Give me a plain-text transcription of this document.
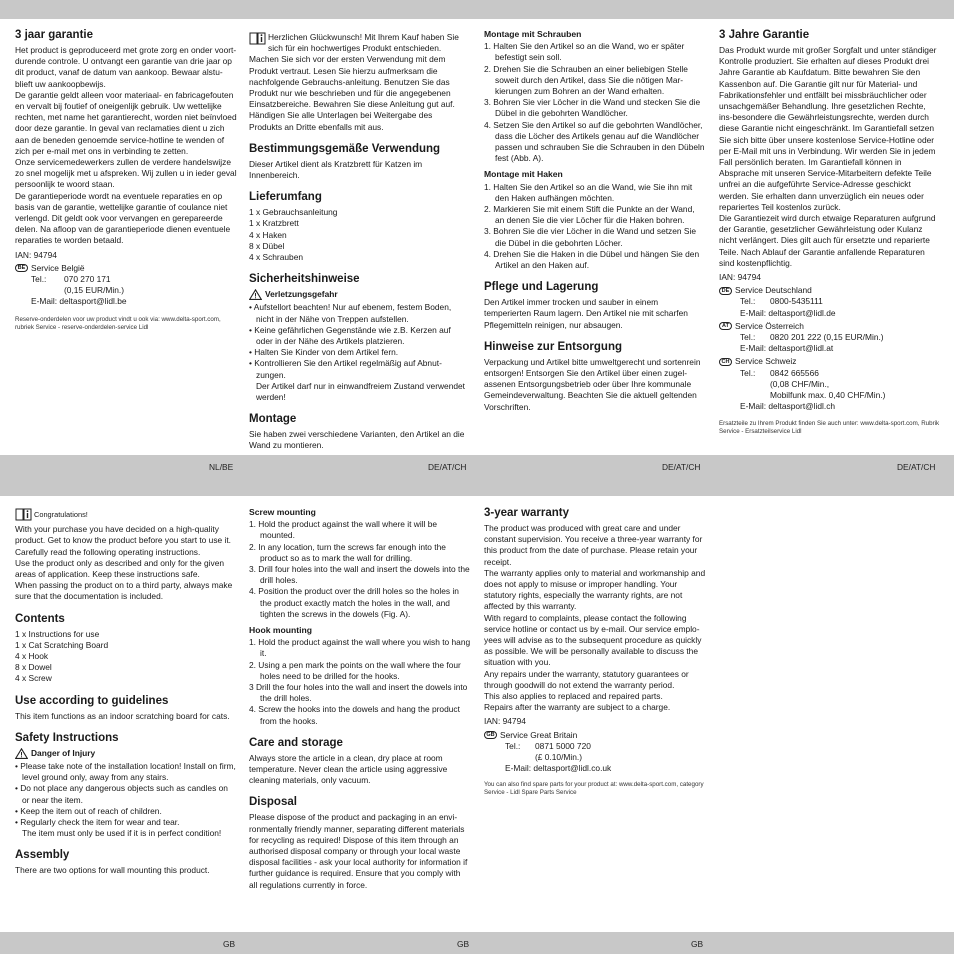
NL/BE	DE/AT/CH	DE/AT/CH	DE/AT/CH
GB	GB	GB
3 jaar garantie

Het product is geproduceerd met grote zorg en onder voort-durende controle. U ontvangt een garantie van drie jaar op dit product, vanaf de datum van aankoop. Bewaar alstu-blieft uw aankoopbewijs.
De garantie geldt alleen voor materiaal- en fabricagefouten en vervalt bij foutief of oneigenlijk gebruik. Uw wettelijke rechten, met name het garantierecht, worden niet beïnvloed door deze garantie. In geval van reclamaties dient u zich aan de beneden genoemde service-hotline te wenden of zich per e-mail met ons in verbinding te zetten.
Onze servicemedewerkers zullen de verdere handelswijze zo snel mogelijk met u afspreken. Wij zullen u in ieder geval persoonlijk te woord staan.
De garantieperiode wordt na eventuele reparaties en op basis van de garantie, wettelijke garantie of coulance niet verlengd. Dit geldt ook voor vervangen en gerepareerde delen. Na afloop van de garantieperiode dienen eventuele reparaties te worden betaald.

IAN: 94794

BE Service België
Tel.:	070 270 171
(0,15 EUR/Min.)
E-Mail: deltasport@lidl.be

Reserve-onderdelen voor uw product vindt u ook via: www.delta-sport.com, rubriek Service - reserve-onderdelen-service Lidl

Herzlichen Glückwunsch! Mit Ihrem Kauf haben Sie sich für ein hochwertiges Produkt entschieden. Machen Sie sich vor der ersten Verwendung mit dem Produkt vertraut. Lesen Sie hierzu aufmerksam die nachfolgende Gebrauchs-anleitung. Benutzen Sie das Produkt nur wie beschrieben und für die angegebenen Einsatzbereiche. Bewahren Sie diese Anleitung gut auf. Händigen Sie alle Unterlagen bei Weitergabe des Produkts an Dritte ebenfalls mit aus.

Bestimmungsgemäße Verwendung

Dieser Artikel dient als Kratzbrett für Katzen im Innenbereich.

Lieferumfang
1 x Gebrauchsanleitung
1 x Kratzbrett
4 x Haken
8 x Dübel
4 x Schrauben
Sicherheitshinweise
Verletzungsgefahr
• Aufstellort beachten! Nur auf ebenem, festem Boden, nicht in der Nähe von Treppen aufstellen.
• Keine gefährlichen Gegenstände wie z.B. Kerzen auf oder in der Nähe des Artikels platzieren.
• Halten Sie Kinder von dem Artikel fern.
• Kontrollieren Sie den Artikel regelmäßig auf Abnut-zungen.

Der Artikel darf nur in einwandfreiem Zustand verwendet werden!

Montage

Sie haben zwei verschiedene Varianten, den Artikel an die Wand zu montieren.

Montage mit Schrauben
1. Halten Sie den Artikel so an die Wand, wo er später befestigt sein soll.
2. Drehen Sie die Schrauben an einer beliebigen Stelle soweit durch den Artikel, dass Sie die nötigen Mar-kierungen zum Bohren an der Wand erhalten.
3. Bohren Sie vier Löcher in die Wand und stecken Sie die Dübel in die gebohrten Wandlöcher.
4. Setzen Sie den Artikel so auf die gebohrten Wandlöcher, dass die Löcher des Artikels genau auf die Wandlöcher passen und schrauben Sie die Schrauben in den Dübeln fest (Abb. A).
Montage mit Haken
1. Halten Sie den Artikel so an die Wand, wie Sie ihn mit den Haken aufhängen möchten.
2. Markieren Sie mit einem Stift die Punkte an der Wand, an denen Sie die vier Löcher für die Haken bohren.
3. Bohren Sie die vier Löcher in die Wand und setzen Sie die Dübel in die gebohrten Löcher.
4. Drehen Sie die Haken in die Dübel und hängen Sie den Artikel an den Haken auf.
Pflege und Lagerung

Den Artikel immer trocken und sauber in einem temperierten Raum lagern. Den Artikel nie mit scharfen Pflegemitteln reinigen, nur absaugen.

Hinweise zur Entsorgung

Verpackung und Artikel bitte umweltgerecht und sortenrein entsorgen! Entsorgen Sie den Artikel über einen zugel-assenen Entsorgungsbetrieb oder über Ihre kommunale Gemeindeverwaltung. Beachten Sie die aktuell geltenden Vorschriften.

3 Jahre Garantie

Das Produkt wurde mit großer Sorgfalt und unter ständiger Kontrolle produziert. Sie erhalten auf dieses Produkt drei Jahre Garantie ab Kaufdatum. Bitte bewahren Sie den Kassenbon auf. Die Garantie gilt nur für Material- und Fabrikationsfehler und entfällt bei missbräuchlicher oder unsachgemäßer Behandlung. Ihre gesetzlichen Rechte, ins-besondere die Gewährleistungsrechte, werden durch diese Garantie nicht eingeschränkt. Im Garantiefall setzen Sie sich bitte über unsere kostenlose Service-Hotline oder per E-Mail mit uns in Verbindung. Wir werden Sie in jedem Fall persönlich beraten. Im Garantiefall können in Absprache mit unseren Service-Mitarbeitern defekte Teile unfrei an die aufgeführte Service-Adresse geschickt werden. Sie erhalten dann unverzüglich ein neues oder repariertes Teil kostenlos zurück.
Die Garantiezeit wird durch etwaige Reparaturen aufgrund der Garantie, gesetzlicher Gewährleistung oder Kulanz nicht verlängert. Dies gilt auch für ersetzte und reparierte Teile. Nach Ablauf der Garantie anfallende Reparaturen sind kostenpflichtig.

IAN: 94794

DE Service Deutschland
Tel.:	0800-5435111
E-Mail: deltasport@lidl.de
AT Service Österreich
Tel.:	0820 201 222 (0,15 EUR/Min.)
E-Mail: deltasport@lidl.at
CH Service Schweiz
Tel.:	0842 665566
(0,08 CHF/Min.,
Mobilfunk max. 0,40 CHF/Min.)
E-Mail: deltasport@lidl.ch

Ersatzteile zu Ihrem Produkt finden Sie auch unter: www.delta-sport.com, Rubrik Service - Ersatzteilservice Lidl

Congratulations!

With your purchase you have decided on a high-quality product. Get to know the product before you start to use it. Carefully read the following operating instructions.
Use the product only as described and only for the given areas of application. Keep these instructions safe.
When passing the product on to a third party, always make sure that the documentation is included.

Contents
1 x Instructions for use
1 x Cat Scratching Board
4 x Hook
8 x Dowel
4 x Screw
Use according to guidelines

This item functions as an indoor scratching board for cats.

Safety Instructions
Danger of Injury
• Please take note of the installation location! Install on firm, level ground only, away from any stairs.
• Do not place any dangerous objects such as candles on or near the item.
• Keep the item out of reach of children.
• Regularly check the item for wear and tear.

The item must only be used if it is in perfect condition!

Assembly

There are two options for wall mounting this product.

Screw mounting
1. Hold the product against the wall where it will be mounted.
2. In any location, turn the screws far enough into the product so as to mark the wall for drilling.
3. Drill four holes into the wall and insert the dowels into the drill holes.
4. Position the product over the drill holes so the holes in the product exactly match the holes in the wall, and tighten the screws in the dowels (Fig. A).
Hook mounting
1. Hold the product against the wall where you wish to hang it.
2. Using a pen mark the points on the wall where the four holes need to be drilled for the hooks.
3 Drill the four holes into the wall and insert the dowels into the drill holes.
4. Screw the hooks into the dowels and hang the product from the hooks.
Care and storage

Always store the article in a clean, dry place at room temperature. Never clean the article using aggressive cleaning materials, only vacuum.

Disposal

Please dispose of the product and packaging in an envi-ronmentally friendly manner, separating different materials for recycling as required! Dispose of this item through an authorised disposal company or through your local waste disposal facilities - ask your local authority for information if further guidance is required. Ensure that you comply with all regulations currently in force.

3-year warranty

The product was produced with great care and under constant supervision. You receive a three-year warranty for this product from the date of purchase. Please retain your receipt.
The warranty applies only to material and workmanship and does not apply to misuse or improper handling. Your statutory rights, especially the warranty rights, are not affected by this warranty.
With regard to complaints, please contact the following service hotline or contact us by e-mail. Our service emplo-yees will advise as to the subsequent procedure as quickly as possible. We will be personally available to discuss the situation with you.
Any repairs under the warranty, statutory guarantees or through goodwill do not extend the warranty period.
This also applies to replaced and repaired parts.
Repairs after the warranty are subject to a charge.

IAN: 94794

GB Service Great Britain
Tel.:	0871 5000 720
(£ 0.10/Min.)
E-Mail: deltasport@lidl.co.uk

You can also find spare parts for your product at: www.delta-sport.com, category Service - Lidl Spare Parts Service
